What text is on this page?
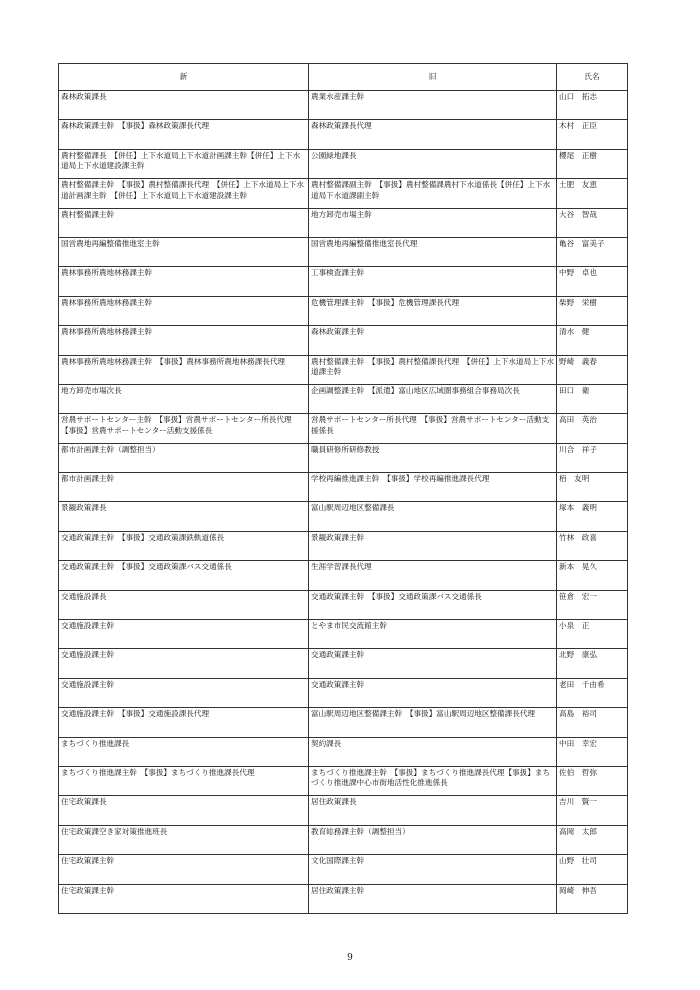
新	旧	氏名
森林政策課長	農業水産課主幹	山口　拓志
森林政策課主幹　【事扱】森林政策課長代理	森林政策課長代理	木村　正臣
農村整備課長　【併任】上下水道局上下水道計画課主幹【併任】上下水道局上下水道建設課主幹	公園緑地課長	櫻尾　正樹
農村整備課主幹　【事扱】農村整備課長代理　【併任】上下水道局上下水道計画課主幹　【併任】上下水道局上下水道建設課主幹	農村整備課副主幹　【事扱】農村整備課農村下水道係長【併任】上下水道局下水道課副主幹	土肥　友恵
農村整備課主幹	地方卸売市場主幹	大谷　智哉
国営農地再編整備推進室主幹	国営農地再編整備推進室長代理	亀谷　富美子
農林事務所農地林務課主幹	工事検査課主幹	中野　卓也
農林事務所農地林務課主幹	危機管理課主幹　【事扱】危機管理課長代理	柴野　栄樹
農林事務所農地林務課主幹	森林政策課主幹	清水　健
農林事務所農地林務課主幹　【事扱】農林事務所農地林務課長代理	農村整備課主幹　【事扱】農村整備課長代理　【併任】上下水道局上下水道課主幹	野崎　義春
地方卸売市場次長	企画調整課主幹　【派遣】富山地区広域圏事務組合事務局次長	田口　衛
営農サポートセンター主幹　【事扱】営農サポートセンター所長代理　【事扱】営農サポートセンター活動支援係長	営農サポートセンター所長代理　【事扱】営農サポートセンター活動支援係長	高田　英治
都市計画課主幹（調整担当）	職員研修所研修教授	川合　祥子
都市計画課主幹	学校再編推進課主幹　【事扱】学校再編推進課長代理	栢　友明
景観政策課長	富山駅周辺地区整備課長	塚本　義明
交通政策課主幹　【事扱】交通政策課鉄軌道係長	景観政策課主幹	竹林　政喜
交通政策課主幹　【事扱】交通政策課バス交通係長	生涯学習課長代理	新本　晃久
交通施設課長	交通政策課主幹　【事扱】交通政策課バス交通係長	笹倉　宏一
交通施設課主幹	とやま市民交流館主幹	小泉　正
交通施設課主幹	交通政策課主幹	北野　康弘
交通施設課主幹	交通政策課主幹	老田　千由希
交通施設課主幹　【事扱】交通施設課長代理	富山駅周辺地区整備課主幹　【事扱】富山駅周辺地区整備課長代理	高島　裕司
まちづくり推進課長	契約課長	中田　幸宏
まちづくり推進課主幹　【事扱】まちづくり推進課長代理	まちづくり推進課主幹　【事扱】まちづくり推進課長代理【事扱】まちづくり推進課中心市街地活性化推進係長	佐伯　哲弥
住宅政策課長	居住政策課長	吉川　賢一
住宅政策課空き家対策推進班長	教育総務課主幹（調整担当）	高岡　太郎
住宅政策課主幹	文化国際課主幹	山野　壮司
住宅政策課主幹	居住政策課主幹	岡崎　伸吾
9
